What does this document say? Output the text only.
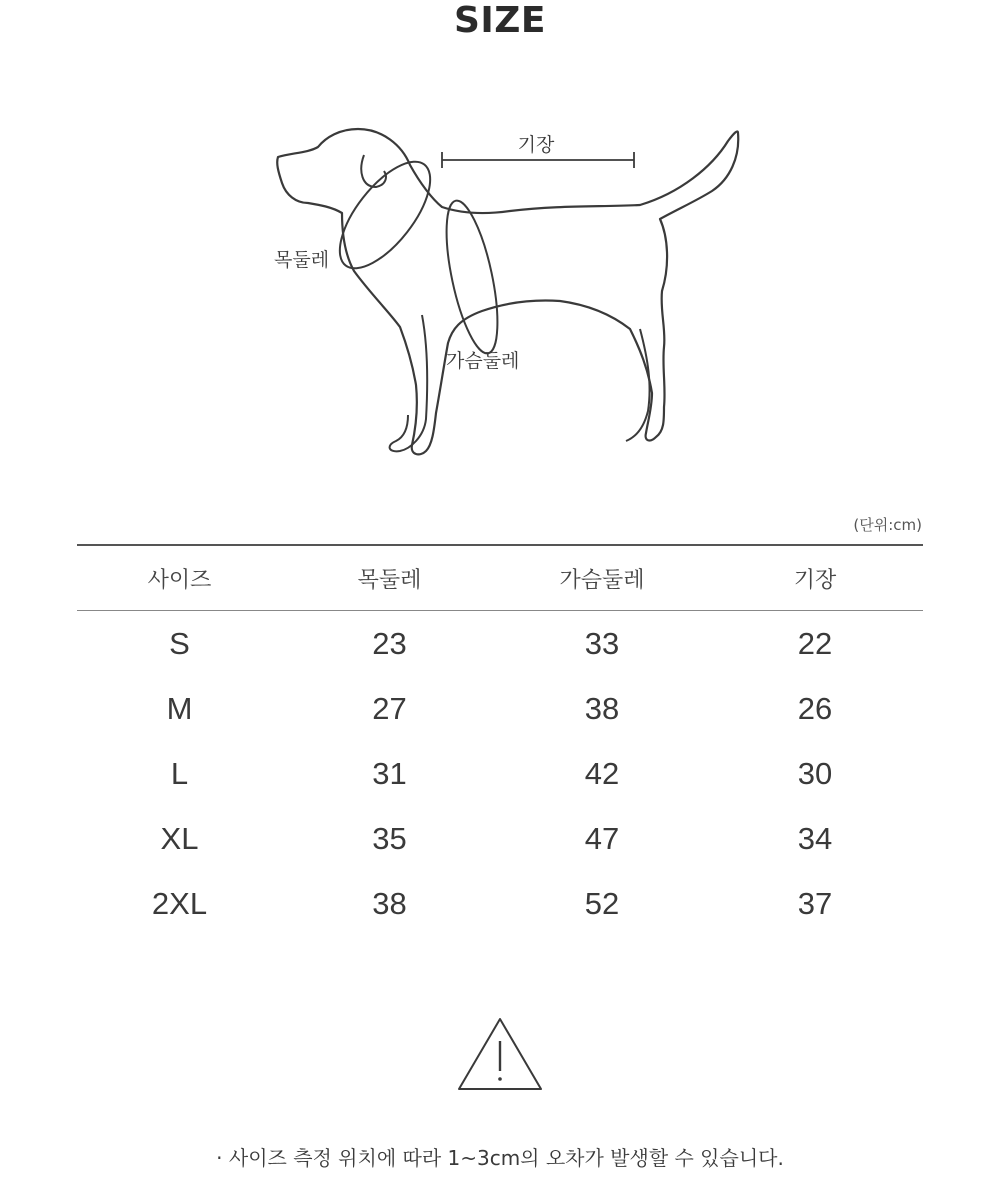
SIZE
기장
목둘레
가슴둘레
(단위:cm)
사이즈	목둘레	가슴둘레	기장
S	23	33	22
M	27	38	26
L	31	42	30
XL	35	47	34
2XL	38	52	37
· 사이즈 측정 위치에 따라 1~3cm의 오차가 발생할 수 있습니다.
